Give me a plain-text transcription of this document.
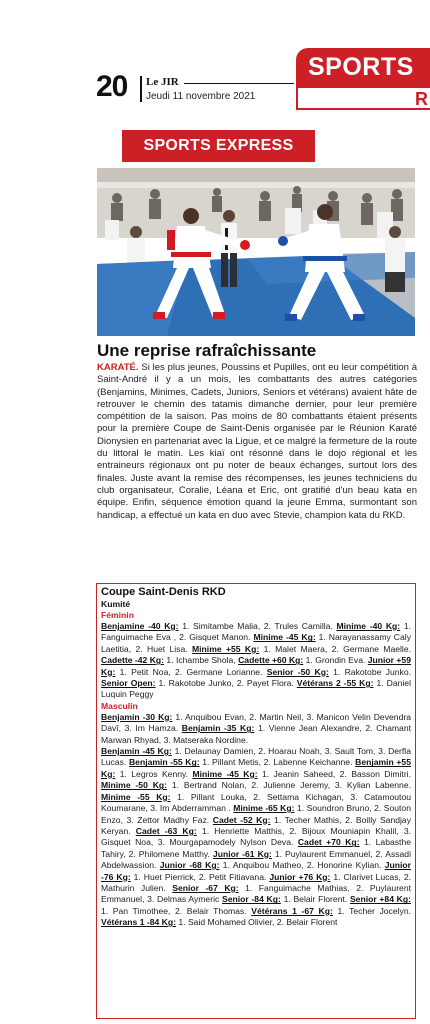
20 Le JIR
Jeudi 11 novembre 2021
SPORTS
R
SPORTS EXPRESS
Une reprise rafraîchissante
KARATÉ. Si les plus jeunes, Poussins et Pupilles, ont eu leur compétition à Saint-André il y a un mois, les combattants des autres catégories (Benjamins, Minimes, Cadets, Juniors, Seniors et vétérans) avaient hâte de retrouver le chemin des tatamis dimanche dernier, pour leur première compétition de la saison. Pas moins de 80 combattants étaient présents pour la première Coupe de Saint-Denis organisée par le Réunion Karaté Dionysien en partenariat avec la Ligue, et ce malgré la fermeture de la route du littoral le matin. Les kiaï ont résonné dans le dojo régional et les entraineurs régionaux ont pu noter de beaux échanges, surtout lors des finales. Juste avant la remise des récompenses, les jeunes techniciens du club organisateur, Coralie, Léana et Eric, ont gratifié d'un beau kata en équipe. Enfin, séquence émotion quand la jeune Emma, surmontant son handicap, a effectué un kata en duo avec Stevie, champion kata du RKD.
Coupe Saint-Denis RKD
Kumité
Féminin
Benjamine -40 Kg: 1. Simitambe Malia, 2. Trules Camilla. Minime -40 Kg: 1. Fanguimache Eva , 2. Gisquet Manon. Minime -45 Kg: 1. Narayanassamy Caly Laetitia, 2. Huet Lisa. Minime +55 Kg: 1. Malet Maera, 2. Germane Maelle. Cadette -42 Kg: 1. Ichambe Shola, Cadette +60 Kg: 1. Grondin Eva. Junior +59 Kg: 1. Petit Noa, 2. Germane Lorianne. Senior -50 Kg: 1. Rakotobe Junko. Senior Open: 1. Rakotobe Junko, 2. Payet Flora. Vétérans 2 -55 Kg: 1. Daniel Luquin Peggy
Masculin
Benjamin -30 Kg: 1. Anquibou Evan, 2. Martin Neil, 3. Manicon Velin Devendra Davî, 3. Im Hamza. Benjamin -35 Kg: 1. Vienne Jean Alexandre, 2. Chamant Marwan Rhyad, 3. Matseraka Nordine.
Benjamin -45 Kg: 1. Delaunay Damien, 2. Hoarau Noah, 3. Sault Tom, 3. Derfla Lucas. Benjamin -55 Kg: 1. Pillant Metis, 2. Labenne Keichanne. Benjamin +55 Kg: 1. Legros Kenny. Minime -45 Kg: 1. Jeanin Saheed, 2. Basson Dimitri. Minime -50 Kg: 1. Bertrand Nolan, 2. Julienne Jeremy, 3. Kylian Labenne. Minime -55 Kg: 1. Pillant Louka, 2. Settama Kichagan, 3. Catamoutou Koumarane, 3. Im Abderramman . Minime -65 Kg: 1. Soundron Bruno, 2. Souton Enzo, 3. Zettor Madhy Faz. Cadet -52 Kg: 1. Techer Mathis, 2. Boilly Sandjay Keryan. Cadet -63 Kg: 1. Henriette Matthis, 2. Bijoux Mouniapin Khalil, 3. Gisquet Noa, 3. Mourgapamodely Nylson Deva. Cadet +70 Kg: 1. Labasthe Tahiry, 2. Philomene Matthy. Junior -61 Kg: 1. Puylaurent Emmanuel, 2. Assadi Abdelwassion. Junior -68 Kg: 1. Anquibou Matheo, 2. Honorine Kylian. Junior -76 Kg: 1. Huet Pierrick, 2. Petit Fitiavana. Junior +76 Kg: 1. Clarivet Lucas, 2. Mathurin Julien. Senior -67 Kg: 1. Fanguimache Mathias, 2. Puylaurent Emmanuel, 3. Delmas Aymeric Senior -84 Kg: 1. Belair Florent. Senior +84 Kg: 1. Pan Timothee, 2. Belair Thomas. Vétérans 1 -67 Kg: 1. Techer Jocelyn. Vétérans 1 -84 Kg: 1. Said Mohamed Olivier, 2. Belair Florent
